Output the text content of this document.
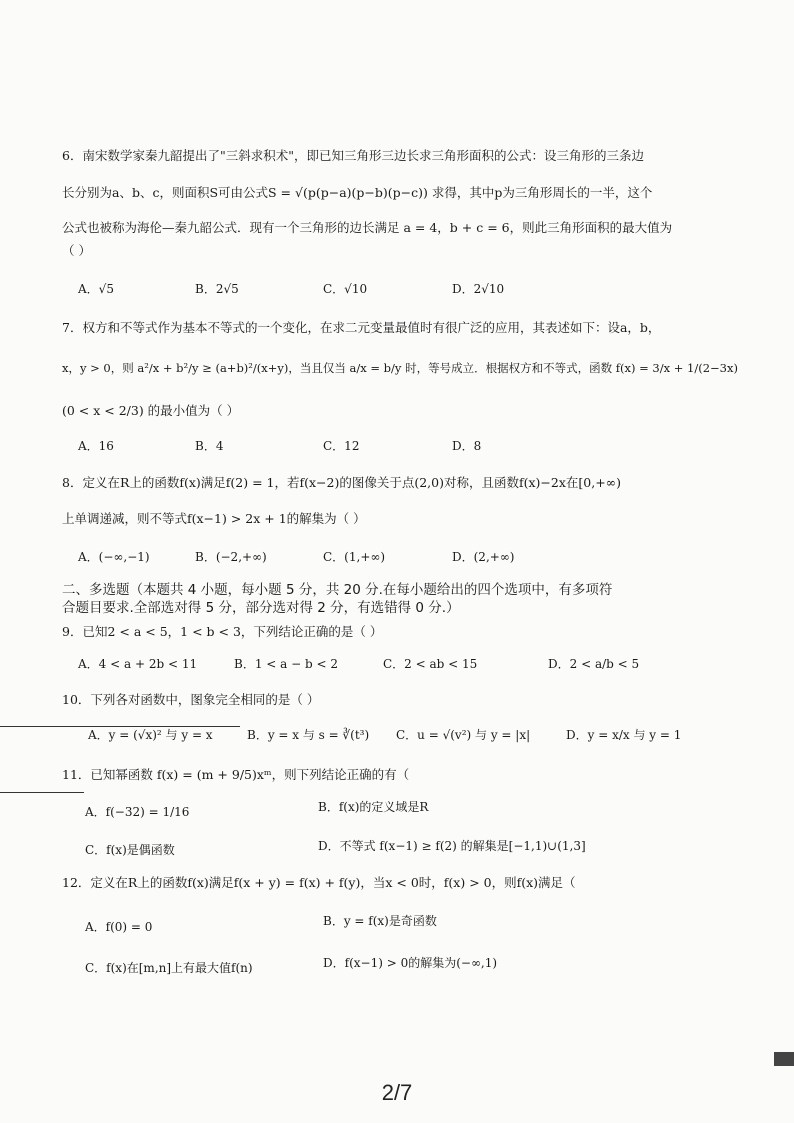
6．南宋数学家秦九韶提出了"三斜求积术"，即已知三角形三边长求三角形面积的公式：设三角形的三条边
长分别为a、b、c，则面积S可由公式S = √(p(p−a)(p−b)(p−c)) 求得，其中p为三角形周长的一半，这个
公式也被称为海伦—秦九韶公式．现有一个三角形的边长满足 a = 4，b + c = 6，则此三角形面积的最大值为
（ ）
A．√5	B．2√5	C．√10	D．2√10
7．权方和不等式作为基本不等式的一个变化，在求二元变量最值时有很广泛的应用，其表述如下：设a，b，
x，y > 0，则 a²/x + b²/y ≥ (a+b)²/(x+y)，当且仅当 a/x = b/y 时，等号成立．根据权方和不等式，函数 f(x) = 3/x + 1/(2−3x)
(0 < x < 2/3) 的最小值为（ ）
A．16	B．4	C．12	D．8
8．定义在R上的函数f(x)满足f(2) = 1，若f(x−2)的图像关于点(2,0)对称，且函数f(x)−2x在[0,+∞)
上单调递减，则不等式f(x−1) > 2x + 1的解集为（ ）
A．(−∞,−1)	B．(−2,+∞)	C．(1,+∞)	D．(2,+∞)
二、多选题（本题共 4 小题，每小题 5 分，共 20 分.在每小题给出的四个选项中，有多项符
合题目要求.全部选对得 5 分，部分选对得 2 分，有选错得 0 分.）
9．已知2 < a < 5，1 < b < 3，下列结论正确的是（ ）
A．4 < a + 2b < 11	B．1 < a − b < 2	C．2 < ab < 15	D．2 < a/b < 5
10．下列各对函数中，图象完全相同的是（ ）
A．y = (√x)² 与 y = x	B．y = x 与 s = ∛(t³) C．u = √(v²) 与 y = |x|	D．y = x/x 与 y = 1
11．已知幂函数 f(x) = (m + 9/5)xᵐ，则下列结论正确的有（
A．f(−32) = 1/16	B．f(x)的定义域是R
C．f(x)是偶函数	D．不等式 f(x−1) ≥ f(2) 的解集是[−1,1)∪(1,3]
12．定义在R上的函数f(x)满足f(x + y) = f(x) + f(y)，当x < 0时，f(x) > 0，则f(x)满足（
A．f(0) = 0	B．y = f(x)是奇函数
C．f(x)在[m,n]上有最大值f(n)	D．f(x−1) > 0的解集为(−∞,1)
2/7
